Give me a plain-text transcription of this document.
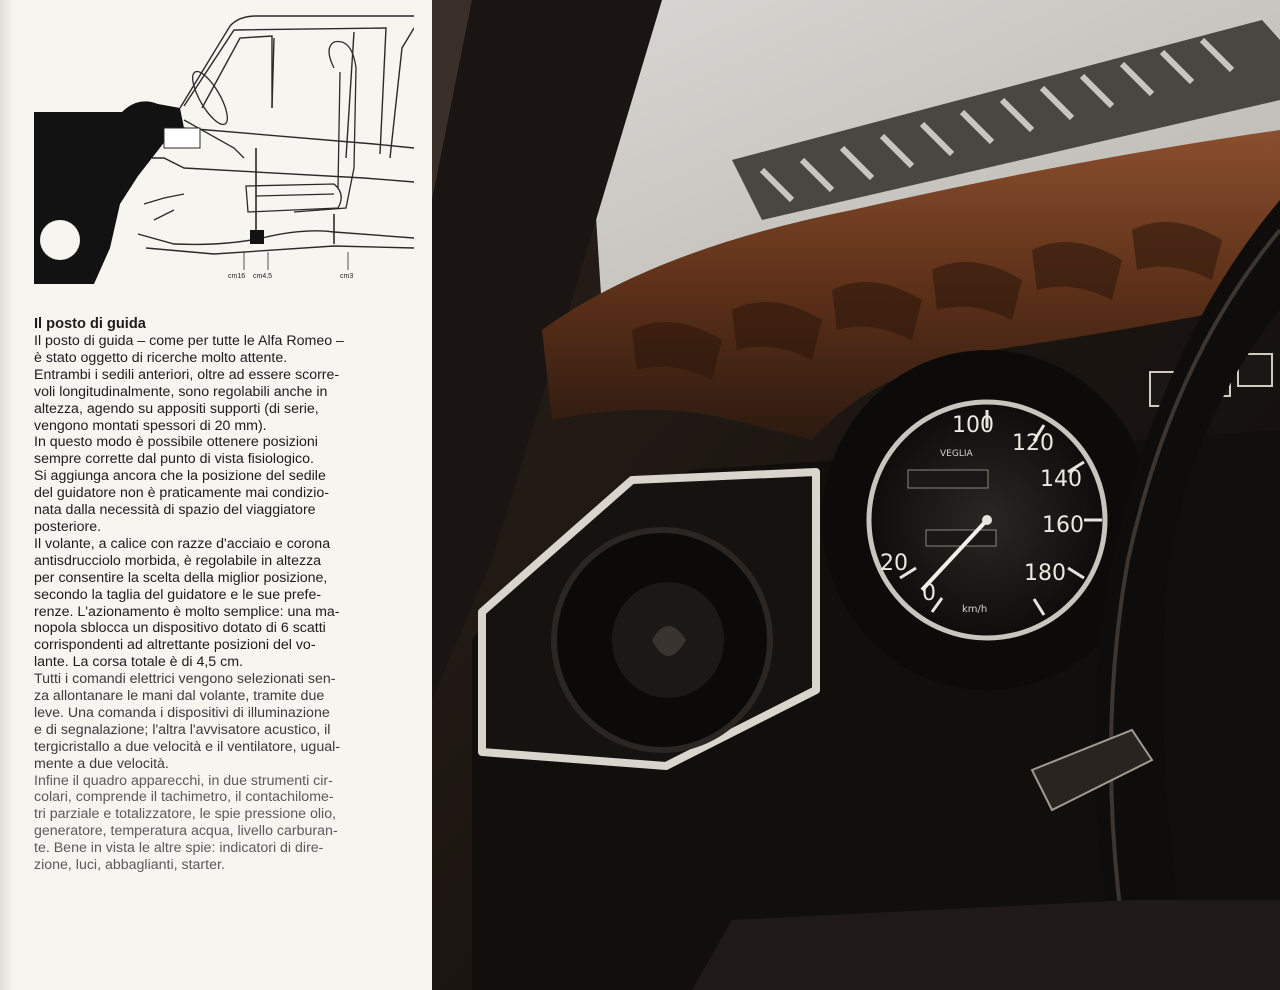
cm16 cm4,5	cm3
Il posto di guida

Il posto di guida – come per tutte le Alfa Romeo –
è stato oggetto di ricerche molto attente.

Entrambi i sedili anteriori, oltre ad essere scorre-
voli longitudinalmente, sono regolabili anche in
altezza, agendo su appositi supporti (di serie,
vengono montati spessori di 20 mm).

In questo modo è possibile ottenere posizioni
sempre corrette dal punto di vista fisiologico.
Si aggiunga ancora che la posizione del sedile
del guidatore non è praticamente mai condizio-
nata dalla necessità di spazio del viaggiatore
posteriore.

Il volante, a calice con razze d'acciaio e corona
antisdrucciolo morbida, è regolabile in altezza
per consentire la scelta della miglior posizione,
secondo la taglia del guidatore e le sue prefe-
renze. L'azionamento è molto semplice: una ma-
nopola sblocca un dispositivo dotato di 6 scatti
corrispondenti ad altrettante posizioni del vo-
lante. La corsa totale è di 4,5 cm.

Tutti i comandi elettrici vengono selezionati sen-
za allontanare le mani dal volante, tramite due
leve. Una comanda i dispositivi di illuminazione
e di segnalazione; l'altra l'avvisatore acustico, il
tergicristallo a due velocità e il ventilatore, ugual-
mente a due velocità.

Infine il quadro apparecchi, in due strumenti cir-
colari, comprende il tachimetro, il contachilome-
tri parziale e totalizzatore, le spie pressione olio,
generatore, temperatura acqua, livello carburan-
te. Bene in vista le altre spie: indicatori di dire-
zione, luci, abbaglianti, starter.

100
120
140
160
180
20
0
VEGLIA
km/h
